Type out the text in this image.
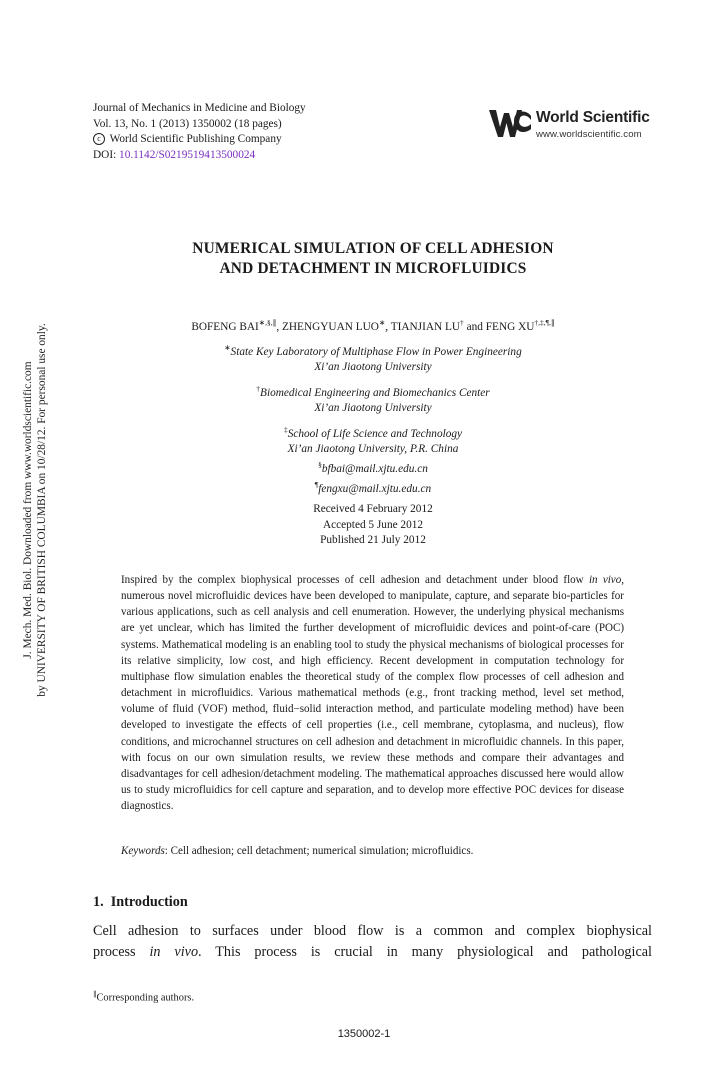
Journal of Mechanics in Medicine and Biology
Vol. 13, No. 1 (2013) 1350002 (18 pages)
c World Scientific Publishing Company
DOI: 10.1142/S0219519413500024
World Scientific
www.worldscientific.com
J. Mech. Med. Biol. Downloaded from www.worldscientific.com by UNIVERSITY OF BRITISH COLUMBIA on 10/28/12. For personal use only.
NUMERICAL SIMULATION OF CELL ADHESION
AND DETACHMENT IN MICROFLUIDICS
BOFENG BAI∗,§,∥, ZHENGYUAN LUO∗, TIANJIAN LU† and FENG XU†,‡,¶,∥
∗State Key Laboratory of Multiphase Flow in Power Engineering
Xi’an Jiaotong University
†Biomedical Engineering and Biomechanics Center
Xi’an Jiaotong University
‡School of Life Science and Technology
Xi’an Jiaotong University, P.R. China
§bfbai@mail.xjtu.edu.cn
¶fengxu@mail.xjtu.edu.cn
Received 4 February 2012
Accepted 5 June 2012
Published 21 July 2012
Inspired by the complex biophysical processes of cell adhesion and detachment under blood flow in vivo, numerous novel microfluidic devices have been developed to manipulate, capture, and separate bio-particles for various applications, such as cell analysis and cell enumeration. However, the underlying physical mechanisms are yet unclear, which has limited the further development of microfluidic devices and point-of-care (POC) systems. Mathematical modeling is an enabling tool to study the physical mechanisms of biological processes for its relative simplicity, low cost, and high efficiency. Recent development in computation technology for multiphase flow simulation enables the theoretical study of the complex flow processes of cell adhesion and detachment in microfluidics. Various mathematical methods (e.g., front tracking method, level set method, volume of fluid (VOF) method, fluid−solid interaction method, and particulate modeling method) have been developed to investigate the effects of cell properties (i.e., cell membrane, cytoplasma, and nucleus), flow conditions, and microchannel structures on cell adhesion and detachment in microfluidic channels. In this paper, with focus on our own simulation results, we review these methods and compare their advantages and disadvantages for cell adhesion/detachment modeling. The mathematical approaches discussed here would allow us to study microfluidics for cell capture and separation, and to develop more effective POC devices for disease diagnostics.
Keywords: Cell adhesion; cell detachment; numerical simulation; microfluidics.
1. Introduction
Cell adhesion to surfaces under blood flow is a common and complex biophysical
process in vivo. This process is crucial in many physiological and pathological
∥Corresponding authors.
1350002-1
